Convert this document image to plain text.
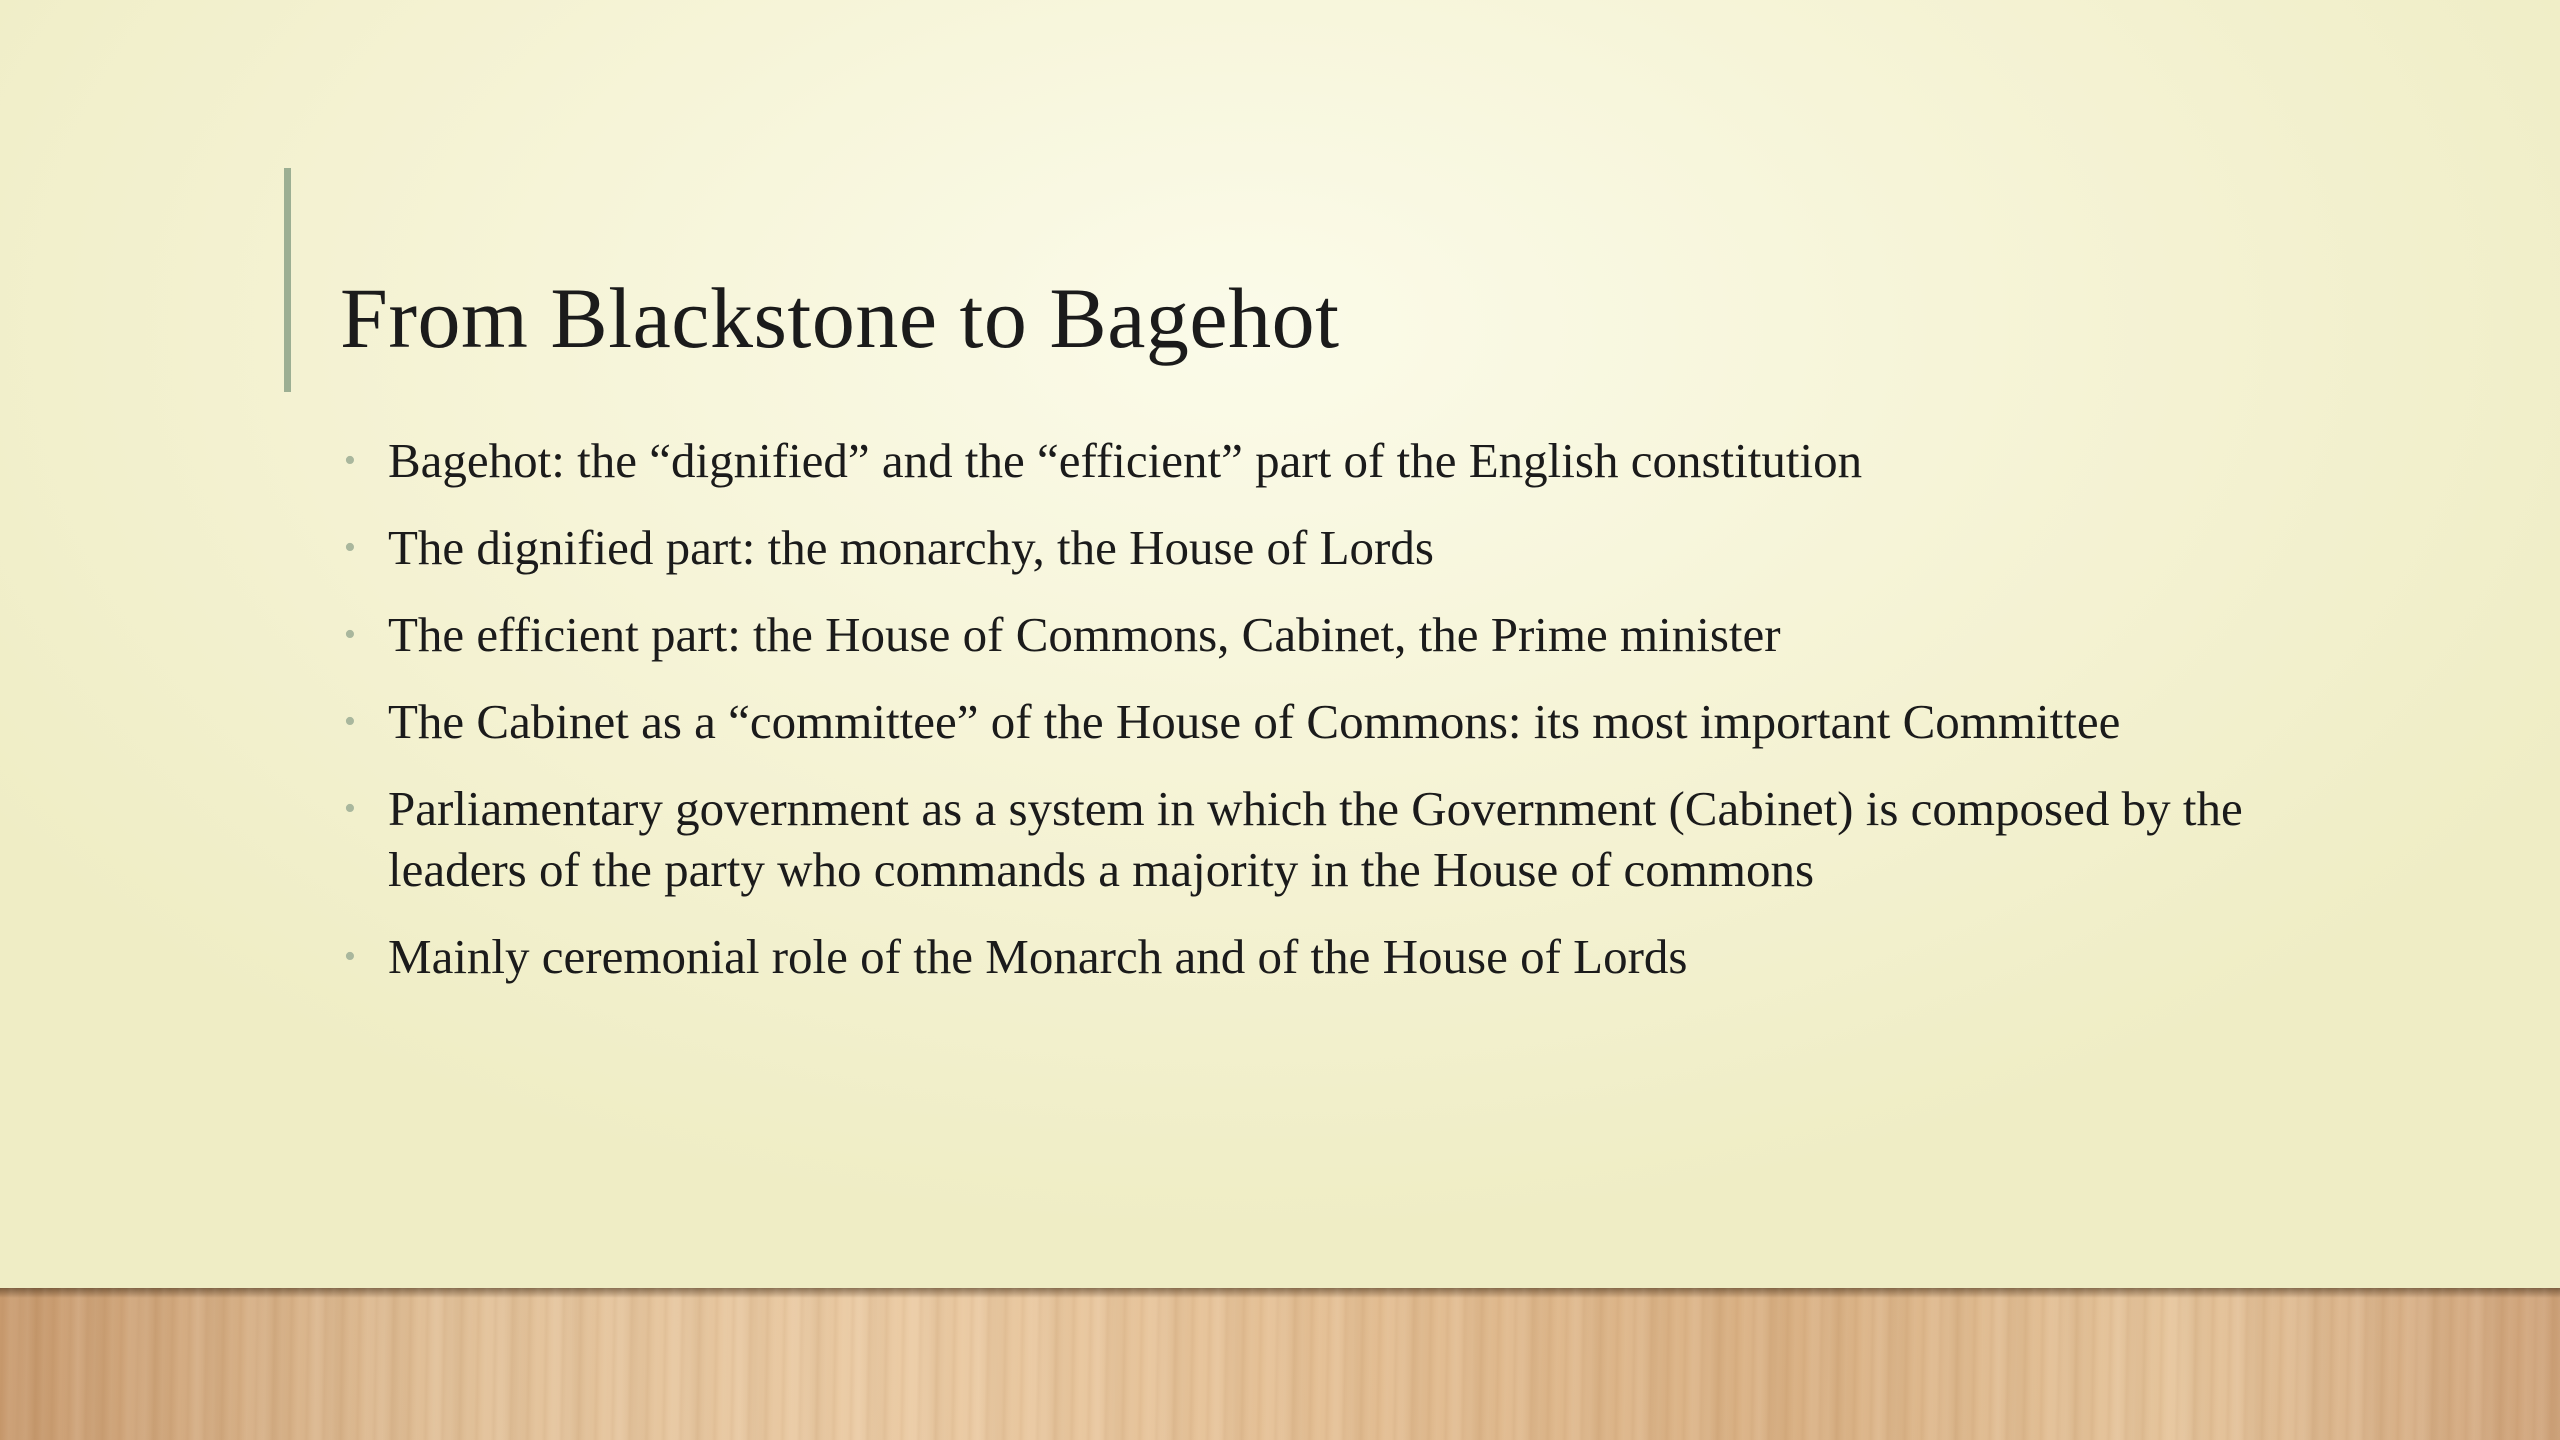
From Blackstone to Bagehot
• Bagehot: the “dignified” and the “efficient” part of the English constitution
• The dignified part: the monarchy, the House of Lords
• The efficient part: the House of Commons, Cabinet, the Prime minister
• The Cabinet as a “committee” of the House of Commons: its most important Committee
• Parliamentary government as a system in which the Government (Cabinet) is composed by the leaders of the party who commands a majority in the House of commons
• Mainly ceremonial role of the Monarch and of the House of Lords
